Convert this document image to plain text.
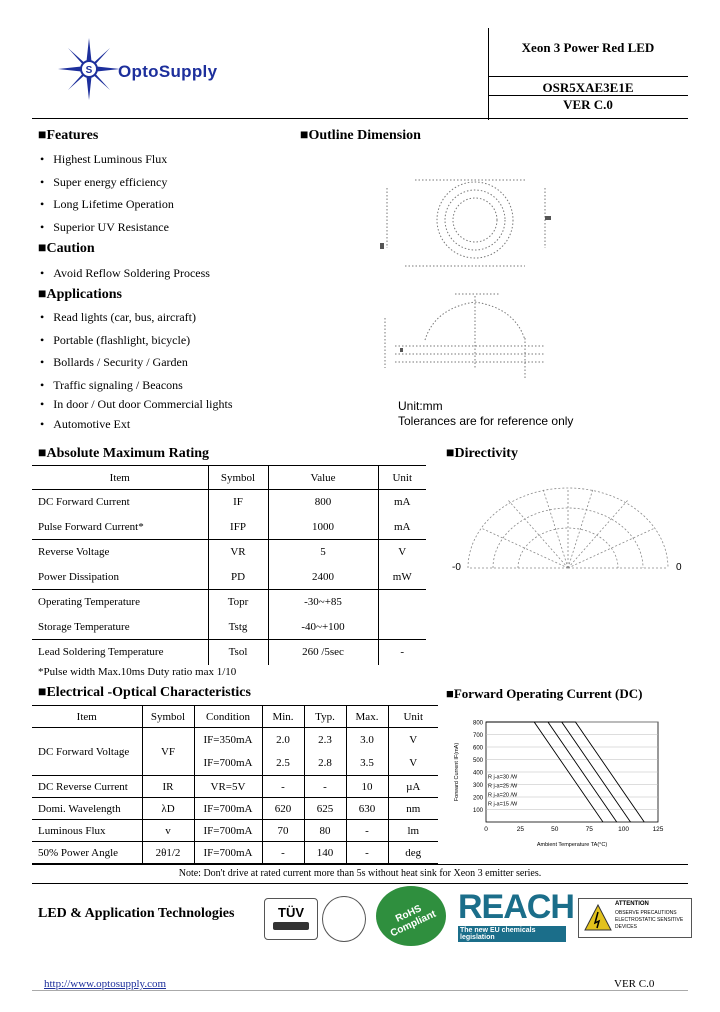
S OptoSupply
Xeon 3 Power Red LED
OSR5XAE3E1E
VER C.0
■Features
•   Highest Luminous Flux
•   Super energy efficiency
•   Long Lifetime Operation
•   Superior UV Resistance
■Caution
•   Avoid Reflow Soldering Process
■Applications
•   Read lights (car, bus, aircraft)
•   Portable (flashlight, bicycle)
•   Bollards / Security / Garden
•   Traffic signaling / Beacons
•   In door / Out door Commercial lights
•   Automotive Ext
■Outline Dimension
Unit:mm
Tolerances are for reference only
■Absolute Maximum Rating
Item	Symbol	Value	Unit
DC Forward Current	IF	800	mA
Pulse Forward Current*	IFP	1000	mA
Reverse Voltage	VR	5	V
Power Dissipation	PD	2400	mW
Operating Temperature	Topr	-30~+85	
Storage Temperature	Tstg	-40~+100	
Lead Soldering Temperature	Tsol	260 /5sec	-
*Pulse width Max.10ms Duty ratio max 1/10
■Directivity
-0	0
■Electrical -Optical Characteristics
Item	Symbol	Condition	Min.	Typ.	Max.	Unit
DC Forward Voltage	VF	IF=350mA	2.0	2.3	3.0	V
		IF=700mA	2.5	2.8	3.5	V
DC Reverse Current	IR	VR=5V	-	-	10	µA
Domi. Wavelength	λD	IF=700mA	620	625	630	nm
Luminous Flux	v	IF=700mA	70	80	-	lm
50% Power Angle	2θ1/2	IF=700mA	-	140	-	deg
Note: Don't drive at rated current more than 5s without heat sink for Xeon 3 emitter series.
■Forward Operating Current (DC)
800
700
600
500
400
300
200
100
0	25	50	75	100	125
R j-a=30 /W
R j-a=25 /W
R j-a=20 /W
R j-a=15 /W
Forward Current IF(mA)
Ambient Temperature TA(°C)
LED & Application Technologies	TÜV	RoHS Compliant REACH
The new EU chemicals legislation
ATTENTION
OBSERVE PRECAUTIONS ELECTROSTATIC SENSITIVE DEVICES
http://www.optosupply.com	VER C.0
